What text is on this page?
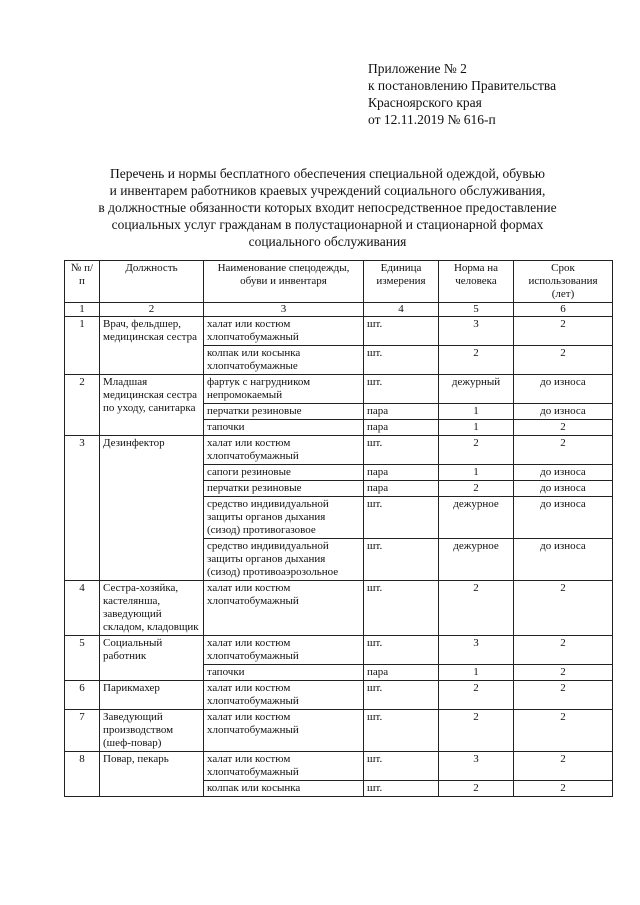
Приложение № 2
к постановлению Правительства
Красноярского края
от 12.11.2019 № 616-п
Перечень и нормы бесплатного обеспечения специальной одеждой, обувью
и инвентарем работников краевых учреждений социального обслуживания,
в должностные обязанности которых входит непосредственное предоставление
социальных услуг гражданам в полустационарной и стационарной формах
социального обслуживания
№ п/п	Должность	Наименование спецодежды, обуви и инвентаря	Единица измерения	Норма на человека	Срок использования (лет)
1	2	3	4	5	6
1	Врач, фельдшер, медицинская сестра	халат или костюм хлопчатобумажный	шт.	3	2
		колпак или косынка хлопчатобумажные	шт.	2	2
2	Младшая медицинская сестра по уходу, санитарка	фартук с нагрудником непромокаемый	шт.	дежурный	до износа
		перчатки резиновые	пара	1	до износа
		тапочки	пара	1	2
3	Дезинфектор	халат или костюм хлопчатобумажный	шт.	2	2
		сапоги резиновые	пара	1	до износа
		перчатки резиновые	пара	2	до износа
		средство индивидуальной защиты органов дыхания (сизод) противогазовое	шт.	дежурное	до износа
		средство индивидуальной защиты органов дыхания (сизод) противоаэрозольное	шт.	дежурное	до износа
4	Сестра-хозяйка, кастелянша, заведующий складом, кладовщик	халат или костюм хлопчатобумажный	шт.	2	2
5	Социальный работник	халат или костюм хлопчатобумажный	шт.	3	2
		тапочки	пара	1	2
6	Парикмахер	халат или костюм хлопчатобумажный	шт.	2	2
7	Заведующий производством (шеф-повар)	халат или костюм хлопчатобумажный	шт.	2	2
8	Повар, пекарь	халат или костюм хлопчатобумажный	шт.	3	2
		колпак или косынка	шт.	2	2
